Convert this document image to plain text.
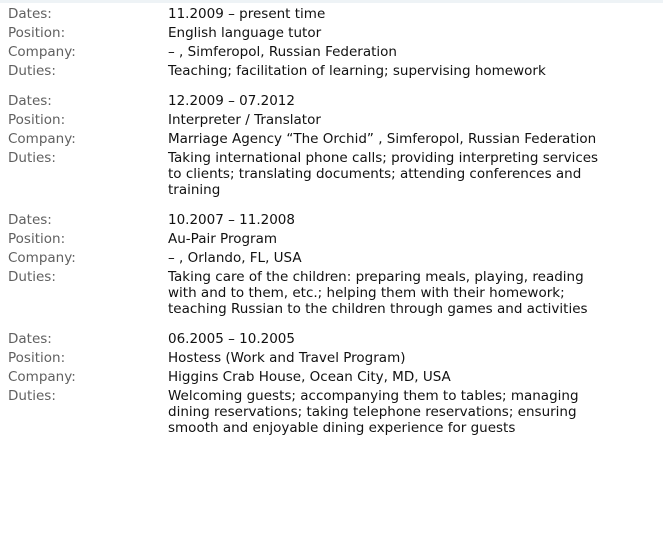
Dates:	11.2009 – present time
Position:	English language tutor
Company:	– , Simferopol, Russian Federation
Duties:	Teaching; facilitation of learning; supervising homework
Dates:	12.2009 – 07.2012
Position:	Interpreter / Translator
Company:	Marriage Agency “The Orchid” , Simferopol, Russian Federation
Duties:	Taking international phone calls; providing interpreting services
to clients; translating documents; attending conferences and
training
Dates:	10.2007 – 11.2008
Position:	Au-Pair Program
Company:	– , Orlando, FL, USA
Duties:	Taking care of the children: preparing meals, playing, reading
with and to them, etc.; helping them with their homework;
teaching Russian to the children through games and activities
Dates:	06.2005 – 10.2005
Position:	Hostess (Work and Travel Program)
Company:	Higgins Crab House, Ocean City, MD, USA
Duties:	Welcoming guests; accompanying them to tables; managing
dining reservations; taking telephone reservations; ensuring
smooth and enjoyable dining experience for guests
